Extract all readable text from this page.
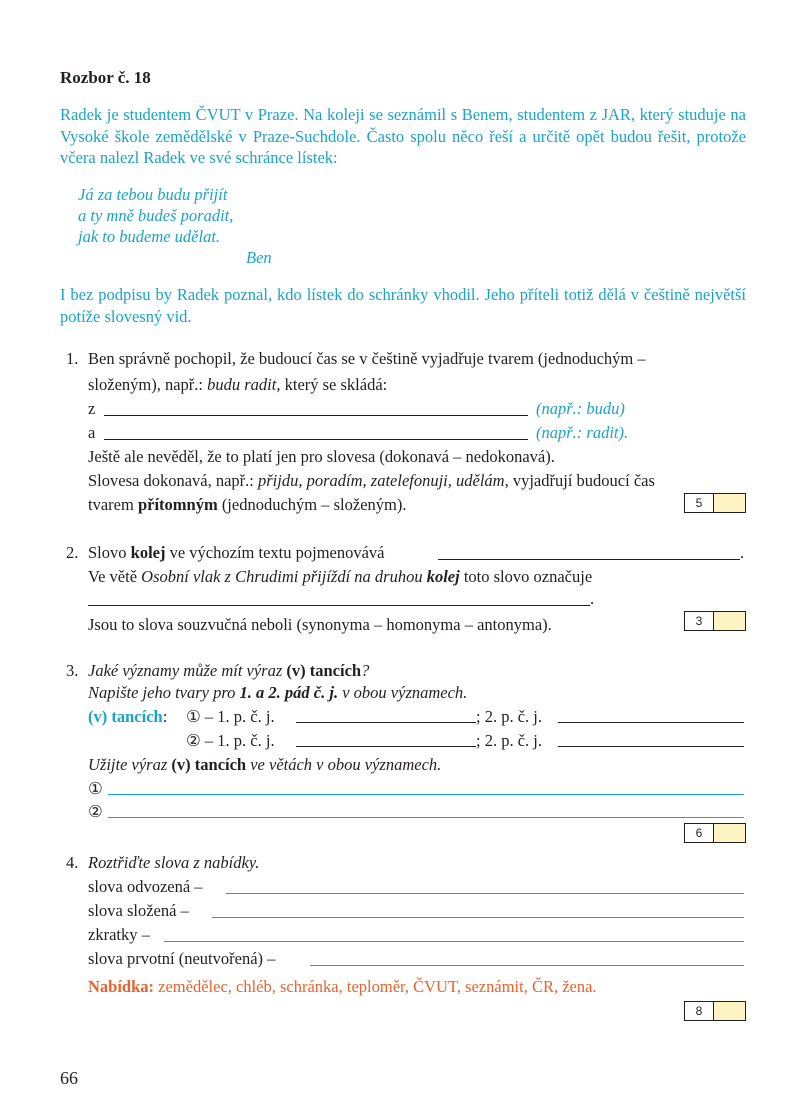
Rozbor č. 18
Radek je studentem ČVUT v Praze. Na koleji se seznámil s Benem, studentem z JAR, který studuje na Vysoké škole zemědělské v Praze-Suchdole. Často spolu něco řeší a určitě opět budou řešit, protože včera nalezl Radek ve své schránce lístek:
Já za tebou budu přijít
a ty mně budeš poradit,
jak to budeme udělat.
Ben
I bez podpisu by Radek poznal, kdo lístek do schránky vhodil. Jeho příteli totiž dělá v češtině největší potíže slovesný vid.
1. Ben správně pochopil, že budoucí čas se v češtině vyjadřuje tvarem (jednoduchým –
složeným), např.: budu radit, který se skládá:
z	(např.: budu)
a	(např.: radit).
Ještě ale nevěděl, že to platí jen pro slovesa (dokonavá – nedokonavá).
Slovesa dokonavá, např.: přijdu, poradím, zatelefonuji, udělám, vyjadřují budoucí čas
tvarem přítomným (jednoduchým – složeným).	5
2. Slovo kolej ve výchozím textu pojmenovává	.
Ve větě Osobní vlak z Chrudimi přijíždí na druhou kolej toto slovo označuje
.
Jsou to slova souzvučná neboli (synonyma – homonyma – antonyma).	3
3. Jaké významy může mít výraz (v) tancích?
Napište jeho tvary pro 1. a 2. pád č. j. v obou významech.
(v) tancích: ① – 1. p. č. j.	; 2. p. č. j.
② – 1. p. č. j.	; 2. p. č. j.
Užijte výraz (v) tancích ve větách v obou významech.
①
②
6
4. Roztřiďte slova z nabídky.
slova odvozená –
slova složená –
zkratky –
slova prvotní (neutvořená) –
Nabídka: zemědělec, chléb, schránka, teploměr, ČVUT, seznámit, ČR, žena.
8
66
